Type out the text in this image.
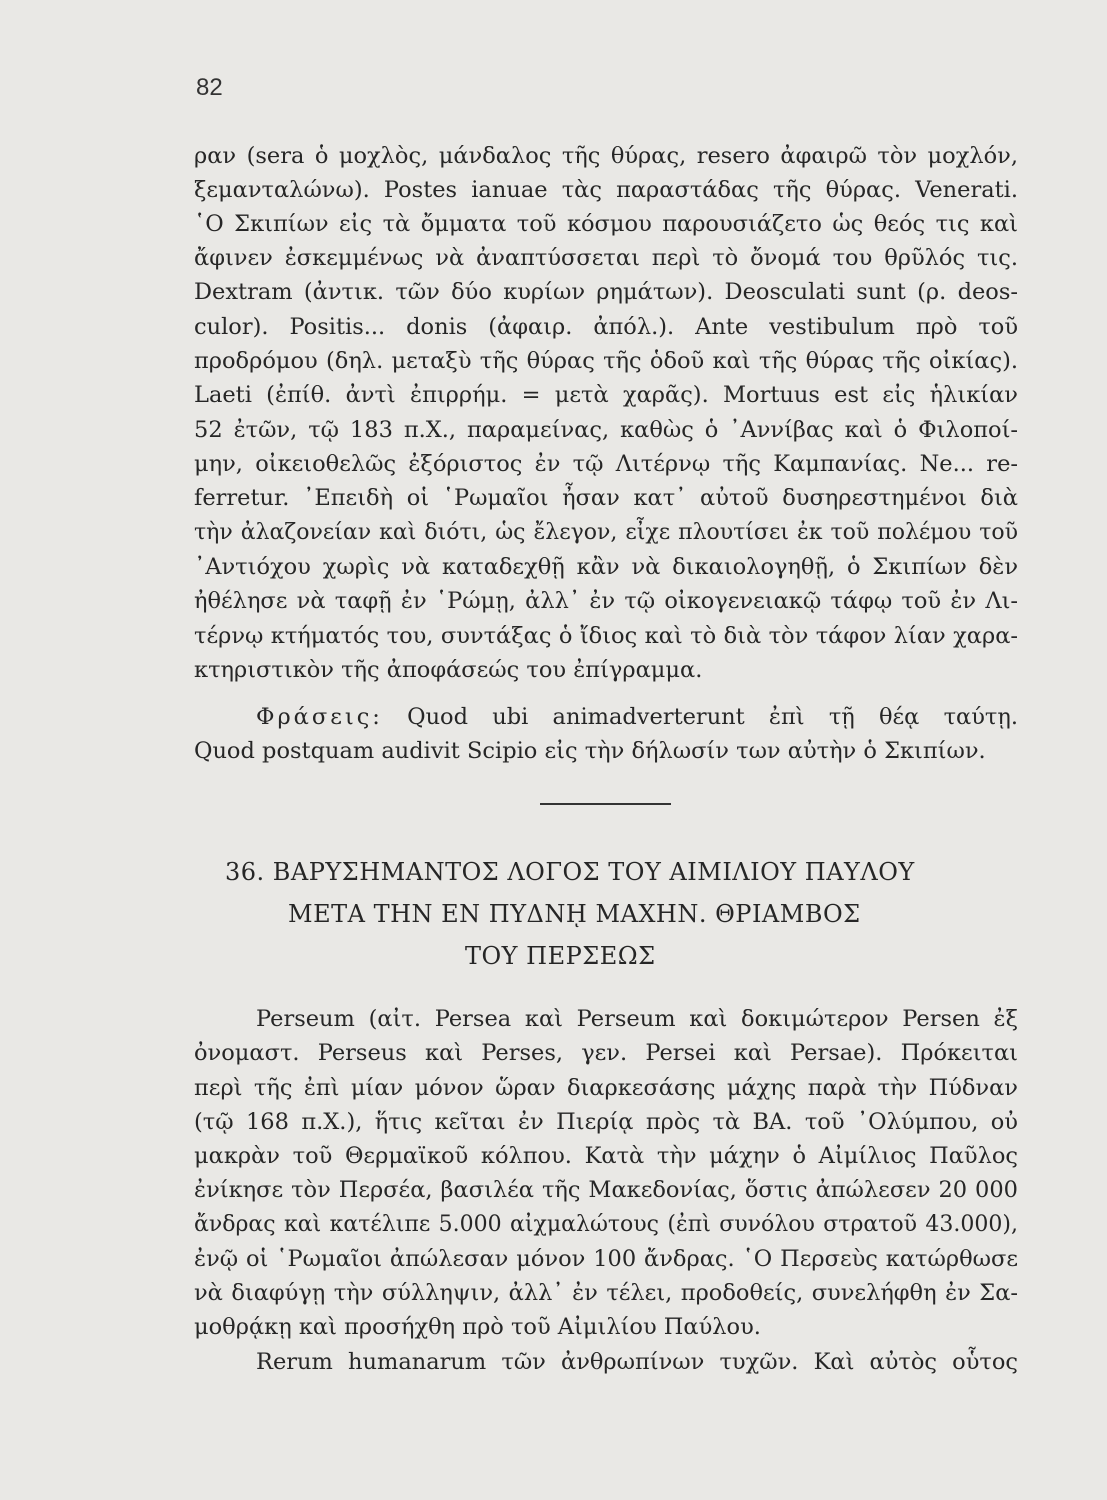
82
ραν (sera ὁ μοχλὸς, μάνδαλος τῆς θύρας, resero ἀφαιρῶ τὸν μοχλόν,
ξεμανταλώνω). Postes ianuae τὰς παραστάδας τῆς θύρας. Venerati.
῾Ο Σκιπίων εἰς τὰ ὄμματα τοῦ κόσμου παρουσιάζετο ὡς θεός τις καὶ
ἄφινεν ἐσκεμμένως νὰ ἀναπτύσσεται περὶ τὸ ὄνομά του θρῦλός τις.
Dextram (ἀντικ. τῶν δύο κυρίων ρημάτων). Deosculati sunt (ρ. deos-
culor). Positis... donis (ἀφαιρ. ἀπόλ.). Ante vestibulum πρὸ τοῦ
προδρόμου (δηλ. μεταξὺ τῆς θύρας τῆς ὁδοῦ καὶ τῆς θύρας τῆς οἰκίας).
Laeti (ἐπίθ. ἀντὶ ἐπιρρήμ. = μετὰ χαρᾶς). Mortuus est εἰς ἡλικίαν
52 ἐτῶν, τῷ 183 π.Χ., παραμείνας, καθὼς ὁ ᾿Αννίβας καὶ ὁ Φιλοποί-
μην, οἰκειοθελῶς ἐξόριστος ἐν τῷ Λιτέρνῳ τῆς Καμπανίας. Ne... re-
ferretur. ᾿Επειδὴ οἱ ῾Ρωμαῖοι ἦσαν κατ᾿ αὐτοῦ δυσηρεστημένοι διὰ
τὴν ἀλαζονείαν καὶ διότι, ὡς ἔλεγον, εἶχε πλουτίσει ἐκ τοῦ πολέμου τοῦ
᾿Αντιόχου χωρὶς νὰ καταδεχθῇ κἂν νὰ δικαιολογηθῇ, ὁ Σκιπίων δὲν
ἠθέλησε νὰ ταφῇ ἐν ῾Ρώμῃ, ἀλλ᾿ ἐν τῷ οἰκογενειακῷ τάφῳ τοῦ ἐν Λι-
τέρνῳ κτήματός του, συντάξας ὁ ἴδιος καὶ τὸ διὰ τὸν τάφον λίαν χαρα-
κτηριστικὸν τῆς ἀποφάσεώς του ἐπίγραμμα.
Φράσεις: Quod ubi animadverterunt ἐπὶ τῇ θέᾳ ταύτῃ.
Quod postquam audivit Scipio εἰς τὴν δήλωσίν των αὐτὴν ὁ Σκιπίων.
36. ΒΑΡΥΣΗΜΑΝΤΟΣ ΛΟΓΟΣ ΤΟΥ ΑΙΜΙΛΙΟΥ ΠΑΥΛΟΥ
ΜΕΤΑ ΤΗΝ ΕΝ ΠΥΔΝῌ ΜΑΧΗΝ. ΘΡΙΑΜΒΟΣ
ΤΟΥ ΠΕΡΣΕΩΣ
Perseum (αἰτ. Persea καὶ Perseum καὶ δοκιμώτερον Persen ἐξ
ὀνομαστ. Perseus καὶ Perses, γεν. Persei καὶ Persae). Πρόκειται
περὶ τῆς ἐπὶ μίαν μόνον ὥραν διαρκεσάσης μάχης παρὰ τὴν Πύδναν
(τῷ 168 π.Χ.), ἥτις κεῖται ἐν Πιερίᾳ πρὸς τὰ ΒΑ. τοῦ ᾿Ολύμπου, οὐ
μακρὰν τοῦ Θερμαϊκοῦ κόλπου. Κατὰ τὴν μάχην ὁ Αἰμίλιος Παῦλος
ἐνίκησε τὸν Περσέα, βασιλέα τῆς Μακεδονίας, ὅστις ἀπώλεσεν 20 000
ἄνδρας καὶ κατέλιπε 5.000 αἰχμαλώτους (ἐπὶ συνόλου στρατοῦ 43.000),
ἐνῷ οἱ ῾Ρωμαῖοι ἀπώλεσαν μόνον 100 ἄνδρας. ῾Ο Περσεὺς κατώρθωσε
νὰ διαφύγῃ τὴν σύλληψιν, ἀλλ᾿ ἐν τέλει, προδοθείς, συνελήφθη ἐν Σα-
μοθρᾴκῃ καὶ προσήχθη πρὸ τοῦ Αἰμιλίου Παύλου.
Rerum humanarum τῶν ἀνθρωπίνων τυχῶν. Καὶ αὐτὸς οὗτος
